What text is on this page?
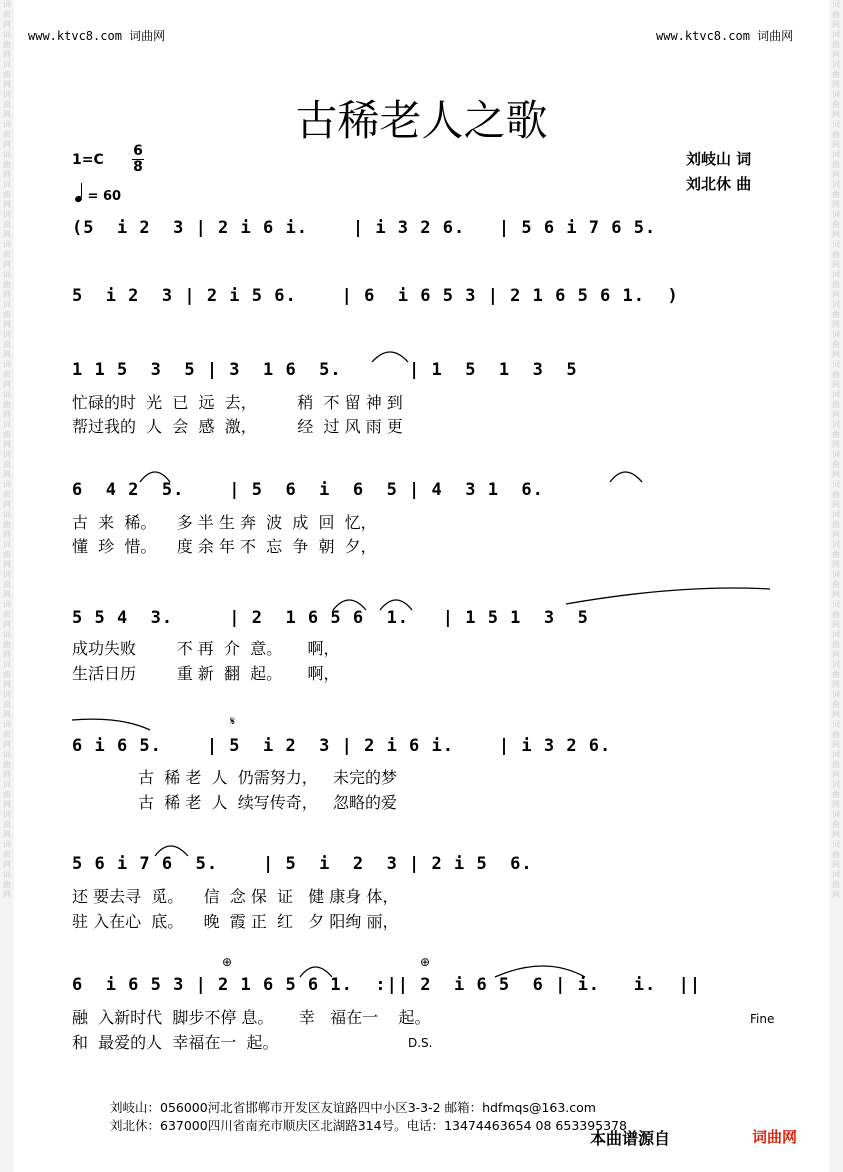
词曲网词曲网词曲网词曲网词曲网词曲网词曲网词曲网词曲网词曲网词曲网词曲网词曲网词曲网词曲网词曲网词曲网词曲网词曲网词曲网词曲网词曲网词曲网词曲网词曲网词曲网词曲网词曲网词曲网词曲网
词曲网词曲网词曲网词曲网词曲网词曲网词曲网词曲网词曲网词曲网词曲网词曲网词曲网词曲网词曲网词曲网词曲网词曲网词曲网词曲网词曲网词曲网词曲网词曲网词曲网词曲网词曲网词曲网词曲网词曲网
www.ktvc8.com 词曲网	www.ktvc8.com 词曲网
古稀老人之歌
1=C
6
8
= 60
刘岐山 词
刘北休 曲
(5  i 2  3 | 2 i 6 i.    | i 3 2 6.   | 5 6 i 7 6 5.
5  i 2  3 | 2 i 5 6.    | 6  i 6 5 3 | 2 1 6 5 6 1.  )
1 1 5  3  5 | 3  1 6  5.      | 1  5  1  3  5
忙碌的时  光  已  远  去，        稍  不 留 神 到
帮过我的  人  会  感  激，        经  过 风 雨 更
6  4 2  5.    | 5  6  i  6  5 | 4  3 1  6.
古  来  稀。    多 半 生 奔  波  成  回  忆，
懂  珍  惜。    度 余 年 不  忘  争  朝  夕，
5 5 4  3.     | 2  1 6 5 6  1.   | 1 5 1  3  5
成功失败        不 再  介  意。     啊，
生活日历        重 新  翻  起。     啊，
6 i 6 5.    | 5  i 2  3 | 2 i 6 i.    | i 3 2 6.
古  稀 老  人  仍需努力，   未完的梦
古  稀 老  人  续写传奇，   忽略的爱
5 6 i 7 6  5.    | 5  i  2  3 | 2 i 5  6.
还 要去寻  觅。    信  念 保  证   健 康身 体，
驻 入在心  底。    晚  霞 正  红   夕 阳绚 丽，
6  i 6 5 3 | 2 1 6 5 6 1.  :|| 2  i 6 5  6 | i.   i.  ||
融  入新时代  脚步不停 息。     幸   福在一    起。
和  最爱的人  幸福在一  起。
𝄋
⊕	⊕
Fine
D.S.
刘岐山：056000河北省邯郸市开发区友谊路四中小区3-3-2 邮箱：hdfmqs@163.com
刘北休：637000四川省南充市顺庆区北湖路314号。电话：13474463654 08 653395378
本曲谱源自	词曲网
